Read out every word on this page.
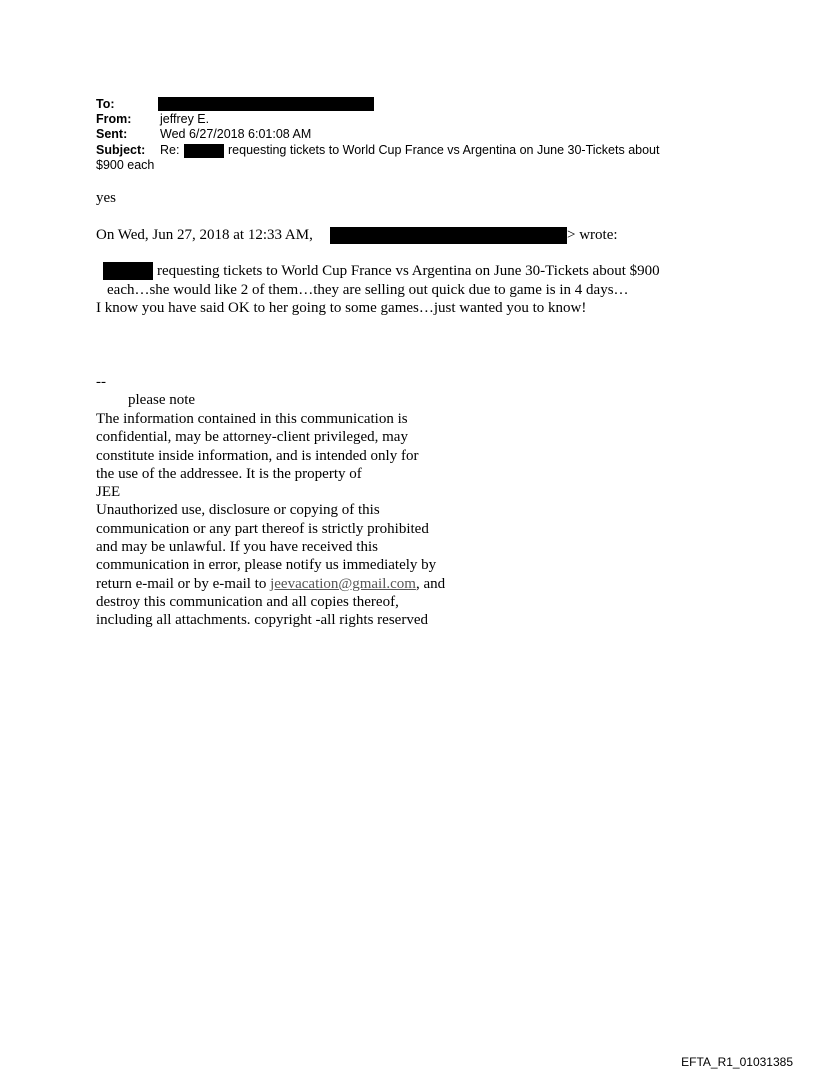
To:
From: jeffrey E.
Sent:	Wed 6/27/2018 6:01:08 AM
Subject: Re:	requesting tickets to World Cup France vs Argentina on June 30-Tickets about
$900 each
yes
On Wed, Jun 27, 2018 at 12:33 AM,	> wrote:
requesting tickets to World Cup France vs Argentina on June 30-Tickets about $900
each…she would like 2 of them…they are selling out quick due to game is in 4 days…
I know you have said OK to her going to some games…just wanted you to know!
--
please note
The information contained in this communication is
confidential, may be attorney-client privileged, may
constitute inside information, and is intended only for
the use of the addressee. It is the property of
JEE
Unauthorized use, disclosure or copying of this
communication or any part thereof is strictly prohibited
and may be unlawful. If you have received this
communication in error, please notify us immediately by
return e-mail or by e-mail to jeevacation@gmail.com, and
destroy this communication and all copies thereof,
including all attachments. copyright -all rights reserved
EFTA_R1_01031385
